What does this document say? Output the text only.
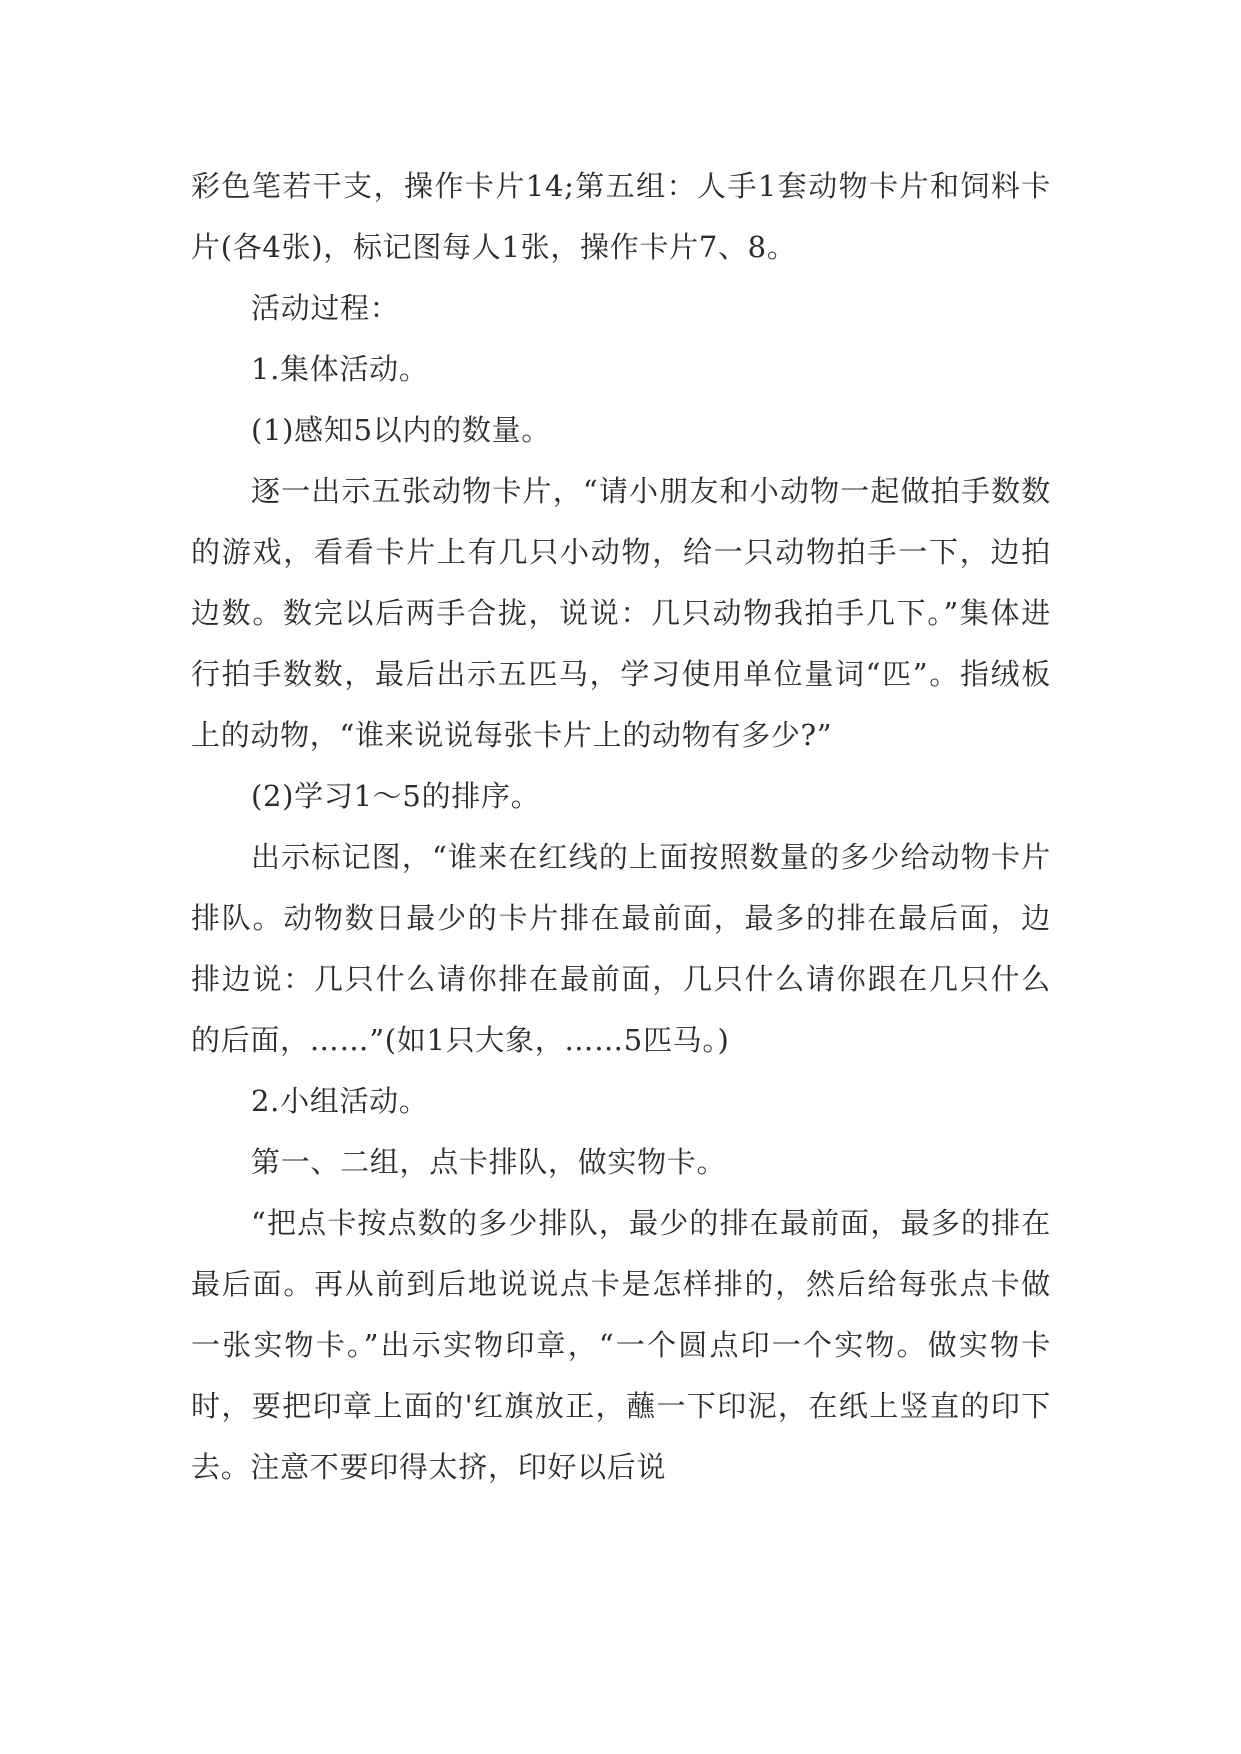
彩色笔若干支，操作卡片14;第五组：人手1套动物卡片和饲料卡片(各4张)，标记图每人1张，操作卡片7、8。

活动过程：

1.集体活动。

(1)感知5以内的数量。

逐一出示五张动物卡片，“请小朋友和小动物一起做拍手数数的游戏，看看卡片上有几只小动物，给一只动物拍手一下，边拍边数。数完以后两手合拢，说说：几只动物我拍手几下。”集体进行拍手数数，最后出示五匹马，学习使用单位量词“匹”。指绒板上的动物，“谁来说说每张卡片上的动物有多少?”

(2)学习1～5的排序。

出示标记图，“谁来在红线的上面按照数量的多少给动物卡片排队。动物数日最少的卡片排在最前面，最多的排在最后面，边排边说：几只什么请你排在最前面，几只什么请你跟在几只什么的后面，……”(如1只大象，……5匹马。)

2.小组活动。

第一、二组，点卡排队，做实物卡。

“把点卡按点数的多少排队，最少的排在最前面，最多的排在最后面。再从前到后地说说点卡是怎样排的，然后给每张点卡做一张实物卡。”出示实物印章，“一个圆点印一个实物。做实物卡时，要把印章上面的'红旗放正，蘸一下印泥，在纸上竖直的印下去。注意不要印得太挤，印好以后说
